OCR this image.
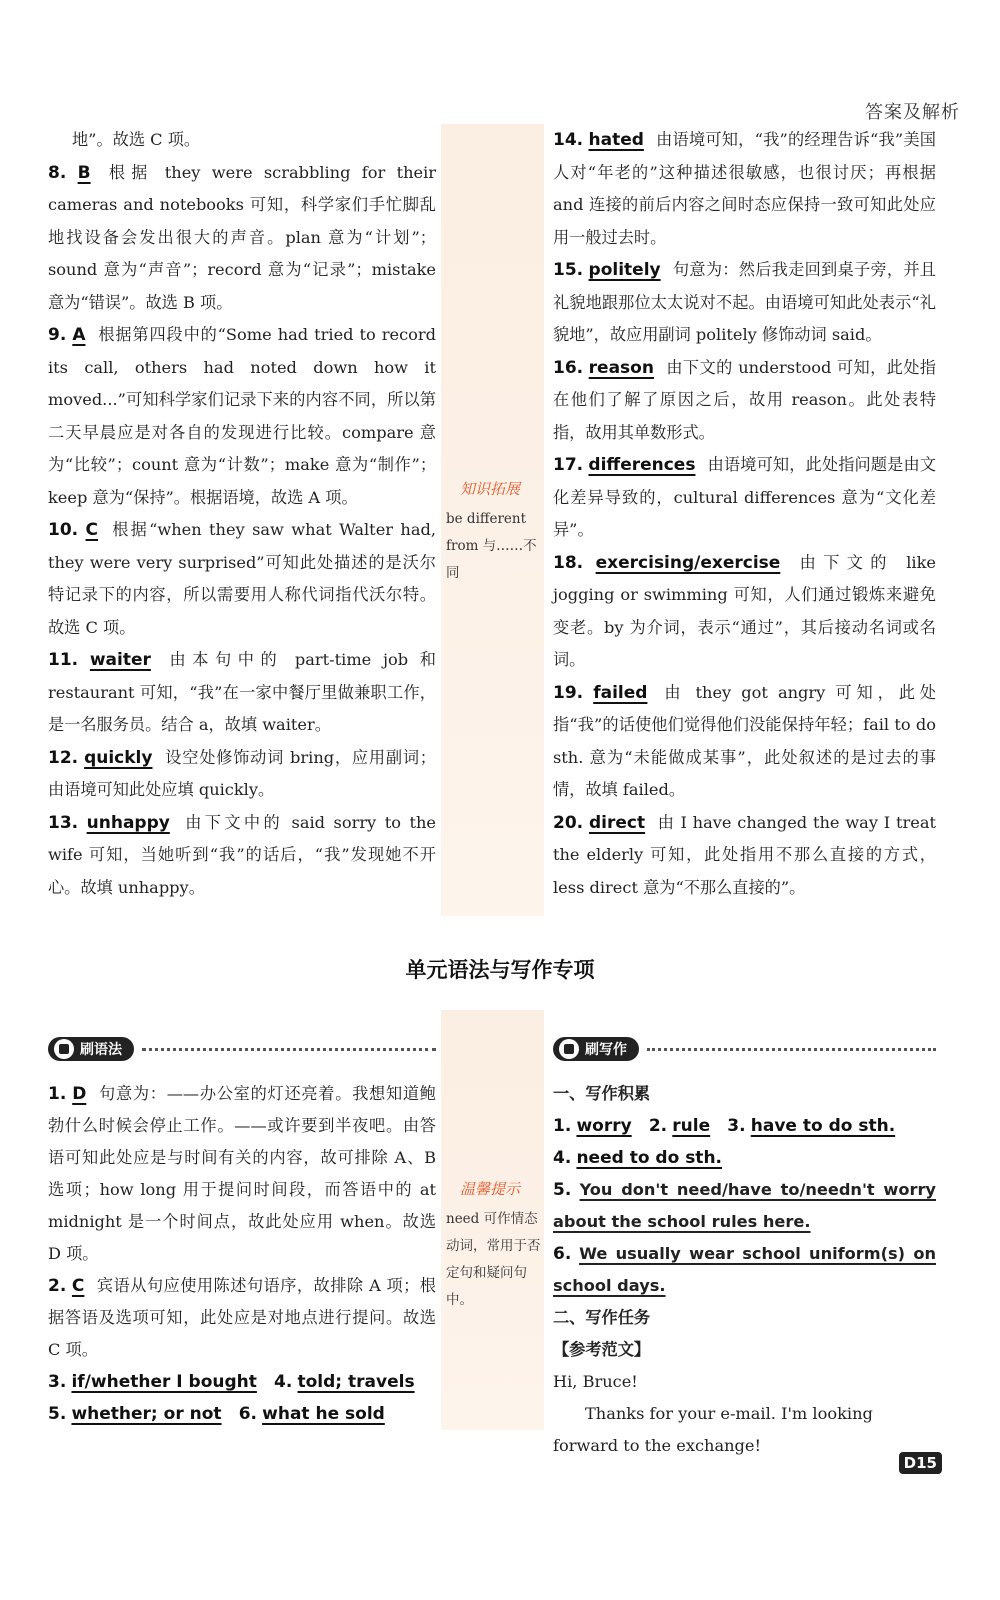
答案及解析
知识拓展
be different from 与……不同

地”。故选 C 项。

8. B 根据 they were scrabbling for their cameras and notebooks 可知，科学家们手忙脚乱地找设备会发出很大的声音。plan 意为“计划”；sound 意为“声音”；record 意为“记录”；mistake 意为“错误”。故选 B 项。

9. A 根据第四段中的“Some had tried to record its call, others had noted down how it moved...”可知科学家们记录下来的内容不同，所以第二天早晨应是对各自的发现进行比较。compare 意为“比较”；count 意为“计数”；make 意为“制作”；keep 意为“保持”。根据语境，故选 A 项。

10. C 根据“when they saw what Walter had, they were very surprised”可知此处描述的是沃尔特记录下的内容，所以需要用人称代词指代沃尔特。故选 C 项。

11. waiter 由本句中的 part-time job 和 restaurant 可知，“我”在一家中餐厅里做兼职工作，是一名服务员。结合 a，故填 waiter。

12. quickly 设空处修饰动词 bring，应用副词；由语境可知此处应填 quickly。

13. unhappy 由下文中的 said sorry to the wife 可知，当她听到“我”的话后，“我”发现她不开心。故填 unhappy。

14. hated 由语境可知，“我”的经理告诉“我”美国人对“年老的”这种描述很敏感，也很讨厌；再根据 and 连接的前后内容之间时态应保持一致可知此处应用一般过去时。

15. politely 句意为：然后我走回到桌子旁，并且礼貌地跟那位太太说对不起。由语境可知此处表示“礼貌地”，故应用副词 politely 修饰动词 said。

16. reason 由下文的 understood 可知，此处指在他们了解了原因之后，故用 reason。此处表特指，故用其单数形式。

17. differences 由语境可知，此处指问题是由文化差异导致的，cultural differences 意为“文化差异”。

18. exercising/exercise 由下文的 like jogging or swimming 可知，人们通过锻炼来避免变老。by 为介词，表示“通过”，其后接动名词或名词。

19. failed 由 they got angry 可知，此处指“我”的话使他们觉得他们没能保持年轻；fail to do sth. 意为“未能做成某事”，此处叙述的是过去的事情，故填 failed。

20. direct 由 I have changed the way I treat the elderly 可知，此处指用不那么直接的方式，less direct 意为“不那么直接的”。

单元语法与写作专项
刷语法	刷写作
温馨提示
need 可作情态动词，常用于否定句和疑问句中。

1. D 句意为：——办公室的灯还亮着。我想知道鲍勃什么时候会停止工作。——或许要到半夜吧。由答语可知此处应是与时间有关的内容，故可排除 A、B 选项；how long 用于提问时间段，而答语中的 at midnight 是一个时间点，故此处应用 when。故选 D 项。

2. C 宾语从句应使用陈述句语序，故排除 A 项；根据答语及选项可知，此处应是对地点进行提问。故选 C 项。

3. if/whether I bought 4. told; travels

5. whether; or not 6. what he sold

一、写作积累
1. worry 2. rule 3. have to do sth.
4. need to do sth.
5. You don't need/have to/needn't worry about the school rules here.
6. We usually wear school uniform(s) on school days.
二、写作任务
【参考范文】
Hi, Bruce!
Thanks for your e-mail. I'm looking forward to the exchange!
D15
